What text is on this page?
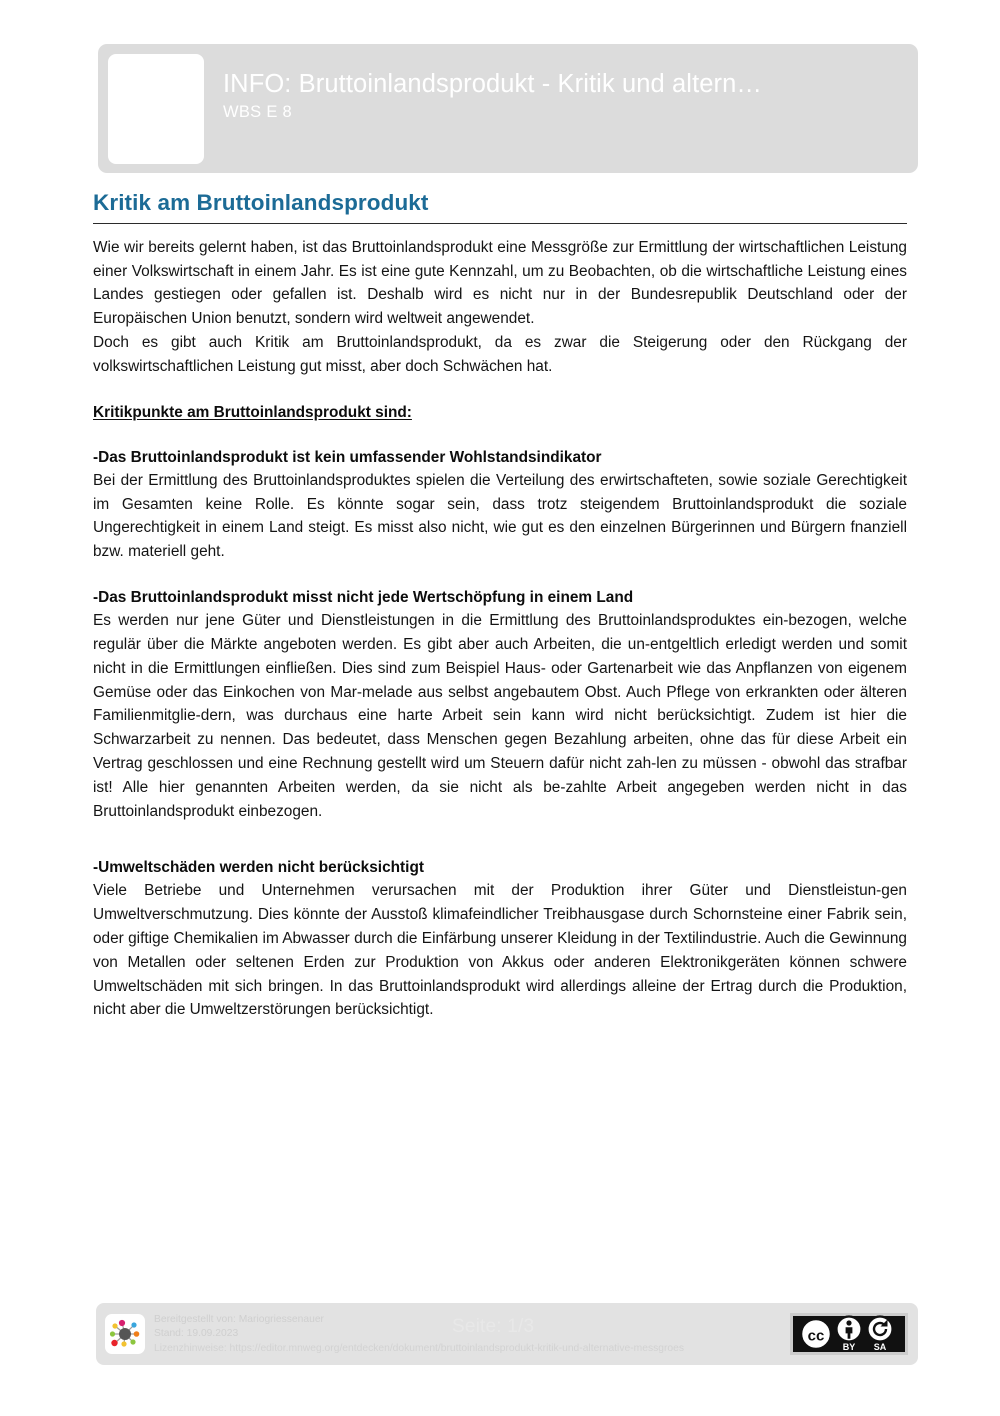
INFO: Bruttoinlandsprodukt - Kritik und altern…
WBS E 8
Kritik am Bruttoinlandsprodukt

Wie wir bereits gelernt haben, ist das Bruttoinlandsprodukt eine Messgröße zur Ermittlung der wirtschaftlichen Leistung einer Volkswirtschaft in einem Jahr. Es ist eine gute Kennzahl, um zu Beobachten, ob die wirtschaftliche Leistung eines Landes gestiegen oder gefallen ist. Deshalb wird es nicht nur in der Bundesrepublik Deutschland oder der Europäischen Union benutzt, sondern wird weltweit angewendet.

Doch es gibt auch Kritik am Bruttoinlandsprodukt, da es zwar die Steigerung oder den Rückgang der volkswirtschaftlichen Leistung gut misst, aber doch Schwächen hat.

Kritikpunkte am Bruttoinlandsprodukt sind:
-Das Bruttoinlandsprodukt ist kein umfassender Wohlstandsindikator

Bei der Ermittlung des Bruttoinlandsproduktes spielen die Verteilung des erwirtschafteten, sowie soziale Gerechtigkeit im Gesamten keine Rolle. Es könnte sogar sein, dass trotz steigendem Bruttoinlandsprodukt die soziale Ungerechtigkeit in einem Land steigt. Es misst also nicht, wie gut es den einzelnen Bürgerinnen und Bürgern fnanziell bzw. materiell geht.

-Das Bruttoinlandsprodukt misst nicht jede Wertschöpfung in einem Land

Es werden nur jene Güter und Dienstleistungen in die Ermittlung des Bruttoinlandsproduktes ein-bezogen, welche regulär über die Märkte angeboten werden. Es gibt aber auch Arbeiten, die un-entgeltlich erledigt werden und somit nicht in die Ermittlungen einfließen. Dies sind zum Beispiel Haus- oder Gartenarbeit wie das Anpflanzen von eigenem Gemüse oder das Einkochen von Mar-melade aus selbst angebautem Obst. Auch Pflege von erkrankten oder älteren Familienmitglie-dern, was durchaus eine harte Arbeit sein kann wird nicht berücksichtigt. Zudem ist hier die Schwarzarbeit zu nennen. Das bedeutet, dass Menschen gegen Bezahlung arbeiten, ohne das für diese Arbeit ein Vertrag geschlossen und eine Rechnung gestellt wird um Steuern dafür nicht zah-len zu müssen - obwohl das strafbar ist! Alle hier genannten Arbeiten werden, da sie nicht als be-zahlte Arbeit angegeben werden nicht in das Bruttoinlandsprodukt einbezogen.

-Umweltschäden werden nicht berücksichtigt

Viele Betriebe und Unternehmen verursachen mit der Produktion ihrer Güter und Dienstleistun-gen Umweltverschmutzung. Dies könnte der Ausstoß klimafeindlicher Treibhausgase durch Schornsteine einer Fabrik sein, oder giftige Chemikalien im Abwasser durch die Einfärbung unserer Kleidung in der Textilindustrie. Auch die Gewinnung von Metallen oder seltenen Erden zur Produktion von Akkus oder anderen Elektronikgeräten können schwere Umweltschäden mit sich bringen. In das Bruttoinlandsprodukt wird allerdings alleine der Ertrag durch die Produktion, nicht aber die Umweltzerstörungen berücksichtigt.

Bereitgestellt von: Mariogriessenauer
Stand: 19.09.2023
Lizenzhinweise: https://editor.mnweg.org/entdecken/dokument/bruttoinlandsprodukt-kritik-und-alternative-messgroes
cc
BY SA
Seite: 1/3
